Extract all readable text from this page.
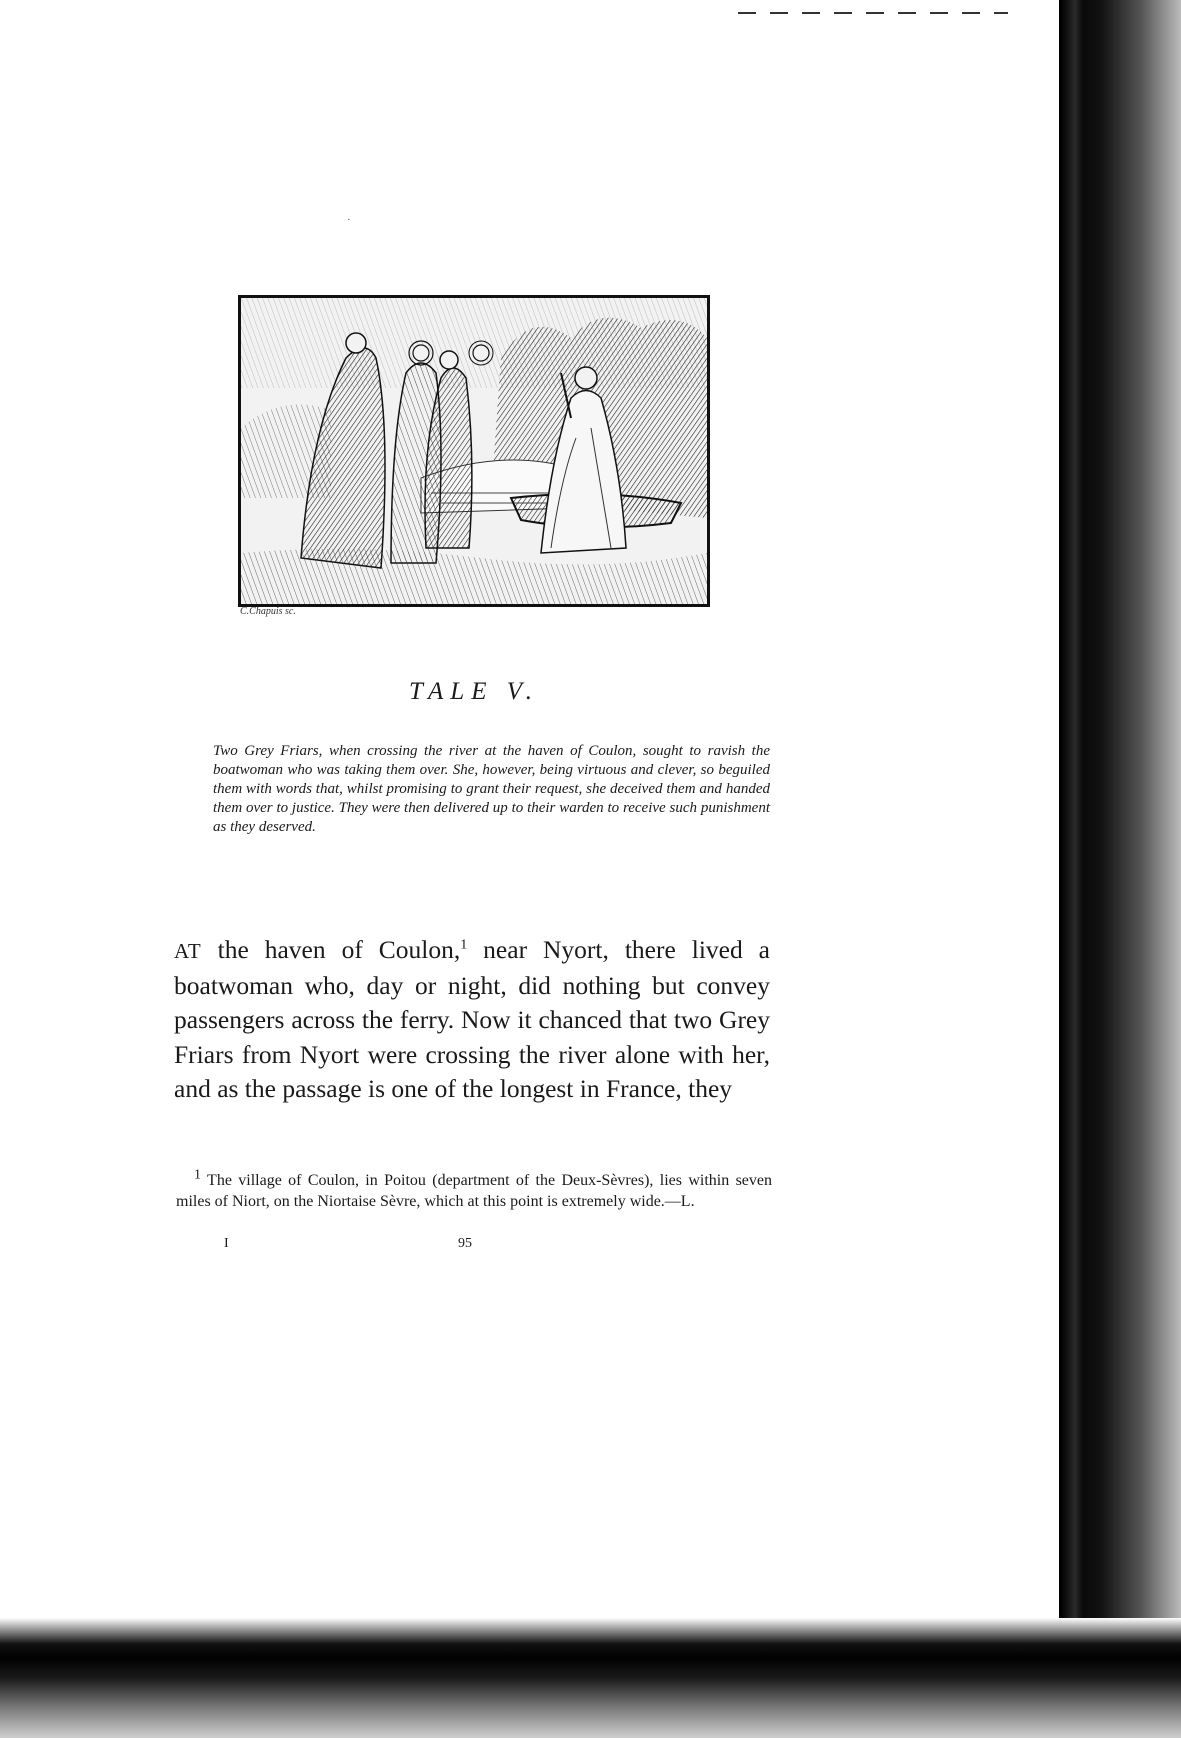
·
C.Chapuis sc.
TALE V.

Two Grey Friars, when crossing the river at the haven of Coulon, sought to ravish the boatwoman who was taking them over. She, however, being virtuous and clever, so beguiled them with words that, whilst promising to grant their request, she deceived them and handed them over to justice. They were then delivered up to their warden to receive such punishment as they deserved.

AT the haven of Coulon,$^1$ near Nyort, there lived a boatwoman who, day or night, did nothing but convey passengers across the ferry. Now it chanced that two Grey Friars from Nyort were crossing the river alone with her, and as the passage is one of the longest in France, they

$^1$ The village of Coulon, in Poitou (department of the Deux-Sèvres), lies within seven miles of Niort, on the Niortaise Sèvre, which at this point is extremely wide.—L.

I	95
